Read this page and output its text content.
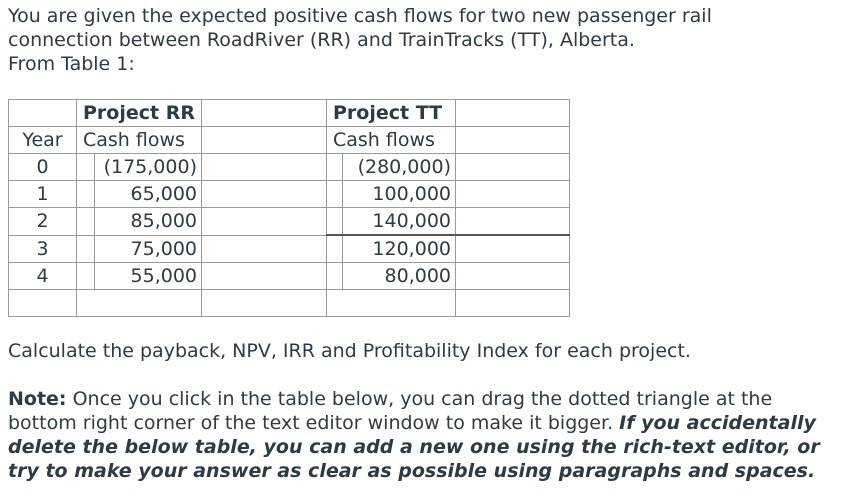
You are given the expected positive cash flows for two new passenger rail

connection between RoadRiver (RR) and TrainTracks (TT), Alberta.

From Table 1:

	Project RR			Project TT		
Year	Cash flows			Cash flows		
0		(175,000)			(280,000)	
1		65,000			100,000	
2		85,000			140,000	
3		75,000			120,000	
4		55,000			80,000	

Calculate the payback, NPV, IRR and Profitability Index for each project.

Note: Once you click in the table below, you can drag the dotted triangle at the bottom right corner of the text editor window to make it bigger. If you accidentally delete the below table, you can add a new one using the rich-text editor, or try to make your answer as clear as possible using paragraphs and spaces.
